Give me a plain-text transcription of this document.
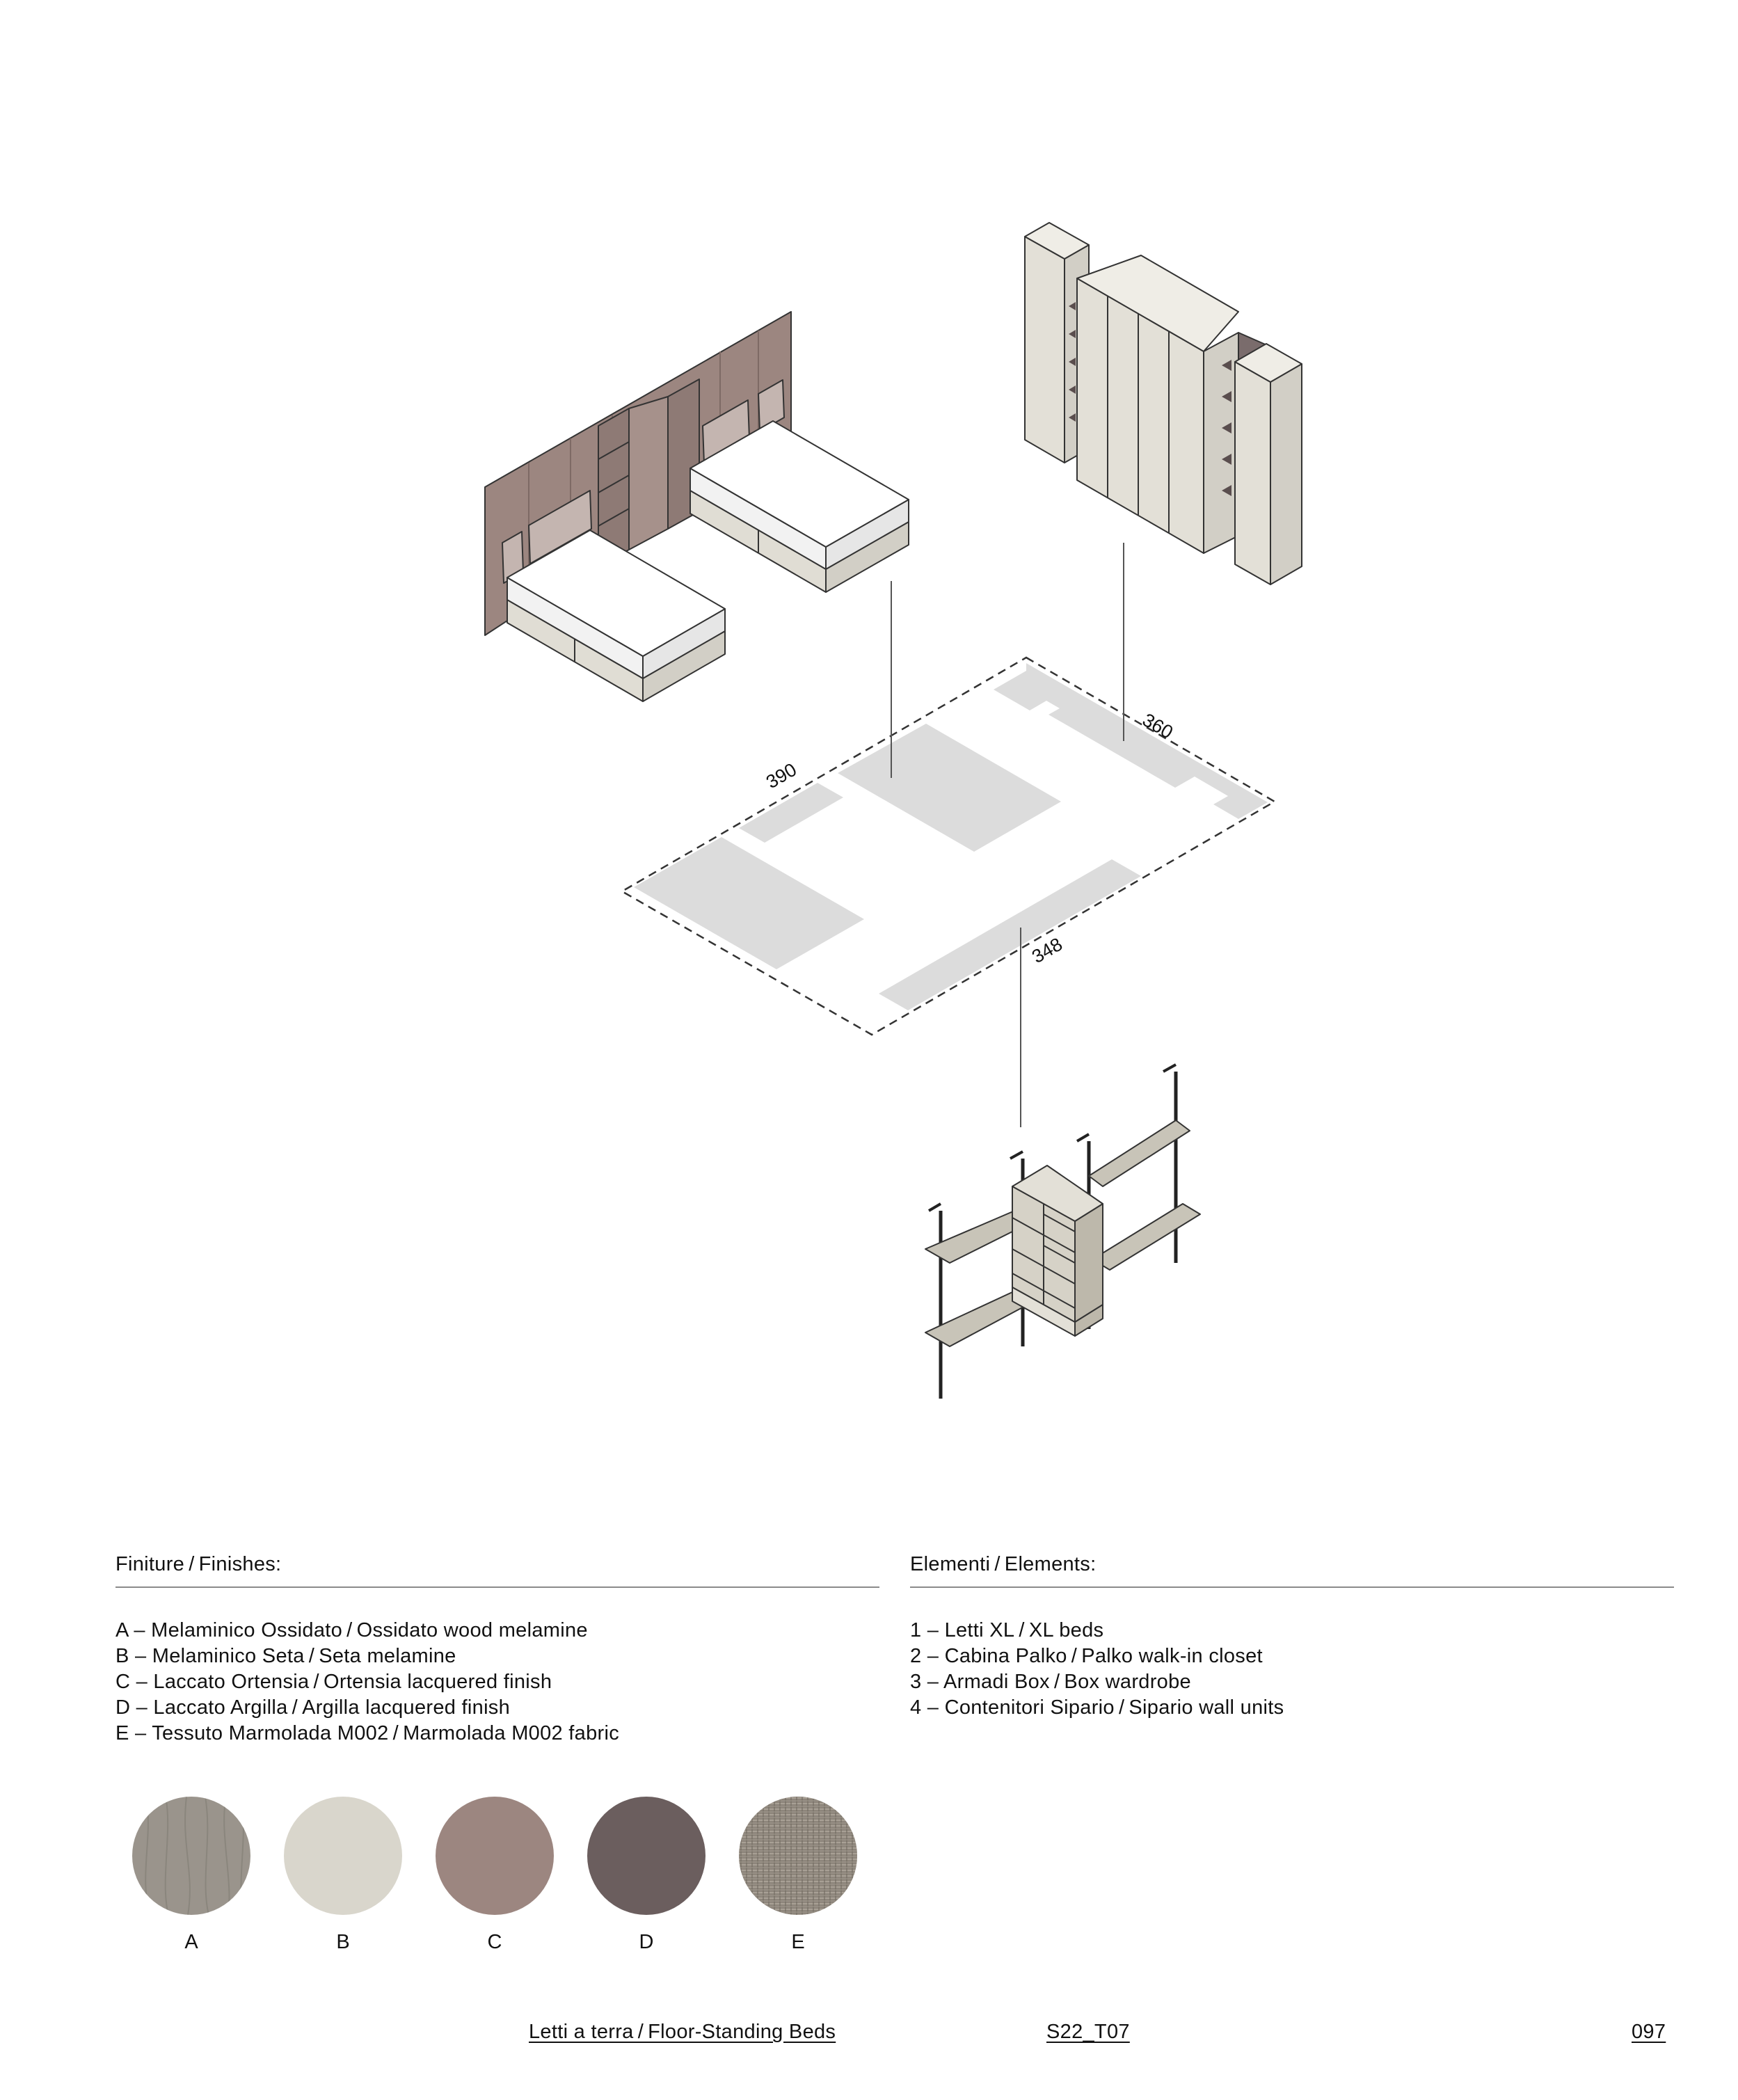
390
360
348
Finiture / Finishes:
A – Melaminico Ossidato / Ossidato wood melamine
B – Melaminico Seta / Seta melamine
C – Laccato Ortensia / Ortensia lacquered finish
D – Laccato Argilla / Argilla lacquered finish
E – Tessuto Marmolada M002 / Marmolada M002 fabric
Elementi / Elements:
1 – Letti XL / XL beds
2 – Cabina Palko / Palko walk-in closet
3 – Armadi Box / Box wardrobe
4 – Contenitori Sipario / Sipario wall units
A	B	C	D	E
Letti a terra / Floor-Standing Beds	S22_T07	097
